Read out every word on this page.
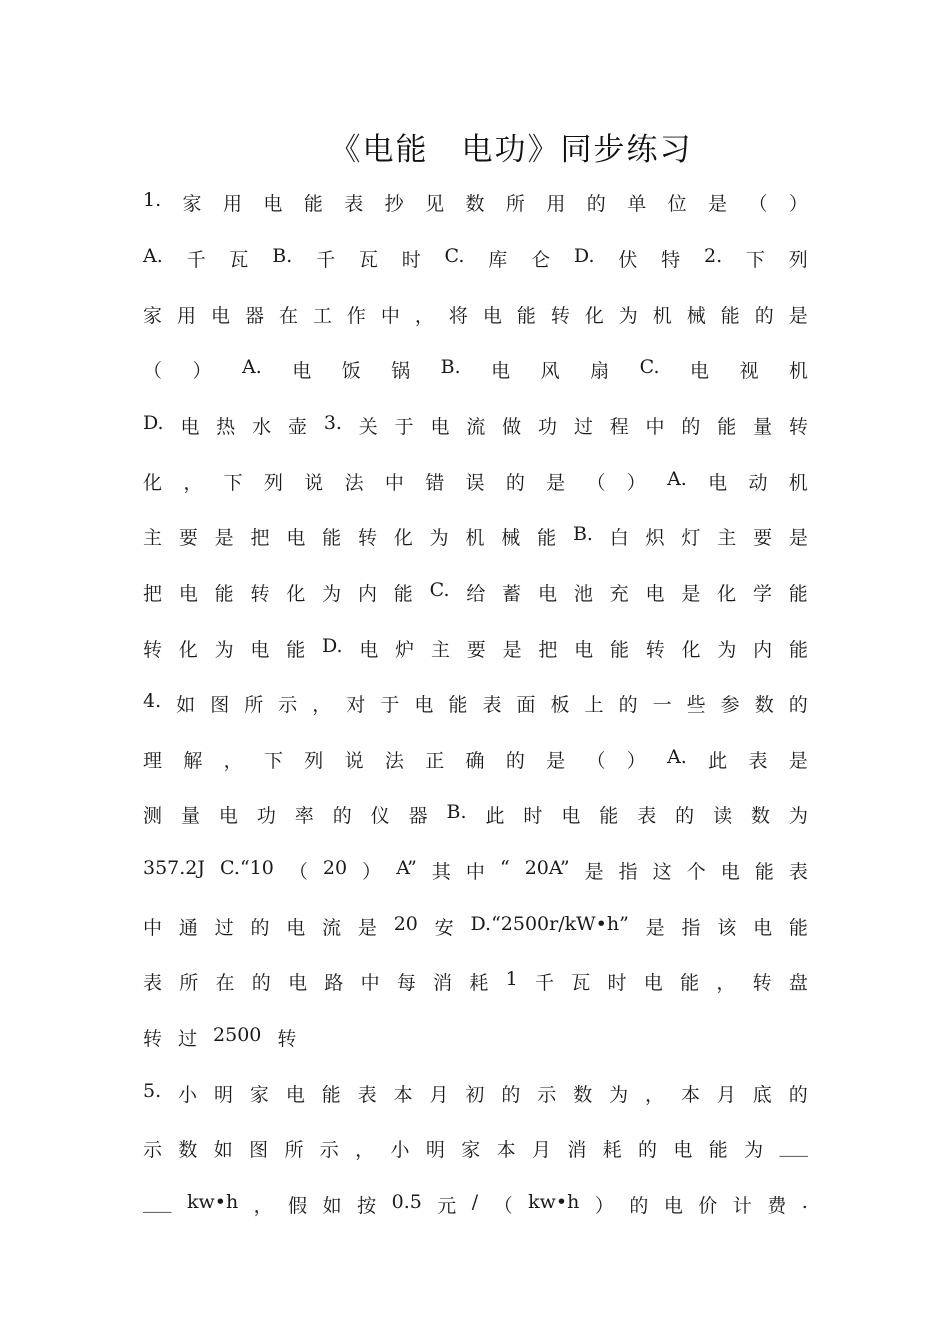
《电能　电功》同步练习
1. 家 用 电 能 表 抄 见 数 所 用 的 单 位 是 （ ）
A. 千 瓦 B. 千 瓦 时 C. 库 仑 D. 伏 特 2. 下 列
家 用 电 器 在 工 作 中 ， 将 电 能 转 化 为 机 械 能 的 是
（ ） A. 电 饭 锅 B. 电 风 扇 C. 电 视 机
D. 电 热 水 壶 3. 关 于 电 流 做 功 过 程 中 的 能 量 转
化 ， 下 列 说 法 中 错 误 的 是 （ ） A. 电 动 机
主 要 是 把 电 能 转 化 为 机 械 能 B. 白 炽 灯 主 要 是
把 电 能 转 化 为 内 能 C. 给 蓄 电 池 充 电 是 化 学 能
转 化 为 电 能 D. 电 炉 主 要 是 把 电 能 转 化 为 内 能
4. 如 图 所 示 ， 对 于 电 能 表 面 板 上 的 一 些 参 数 的
理 解 ， 下 列 说 法 正 确 的 是 （ ） A. 此 表 是
测 量 电 功 率 的 仪 器 B. 此 时 电 能 表 的 读 数 为
357.2J C.“10 （ 20 ） A” 其 中 “ 20A” 是 指 这 个 电 能 表
中 通 过 的 电 流 是 20 安 D.“2500r/kW•h” 是 指 该 电 能
表 所 在 的 电 路 中 每 消 耗 1 千 瓦 时 电 能 ， 转 盘
转 过 2500 转
5. 小 明 家 电 能 表 本 月 初 的 示 数 为 ， 本 月 底 的
示 数 如 图 所 示 ， 小 明 家 本 月 消 耗 的 电 能 为 ___
___ kw•h ， 假 如 按 0.5 元 / （ kw•h ） 的 电 价 计 费 .
